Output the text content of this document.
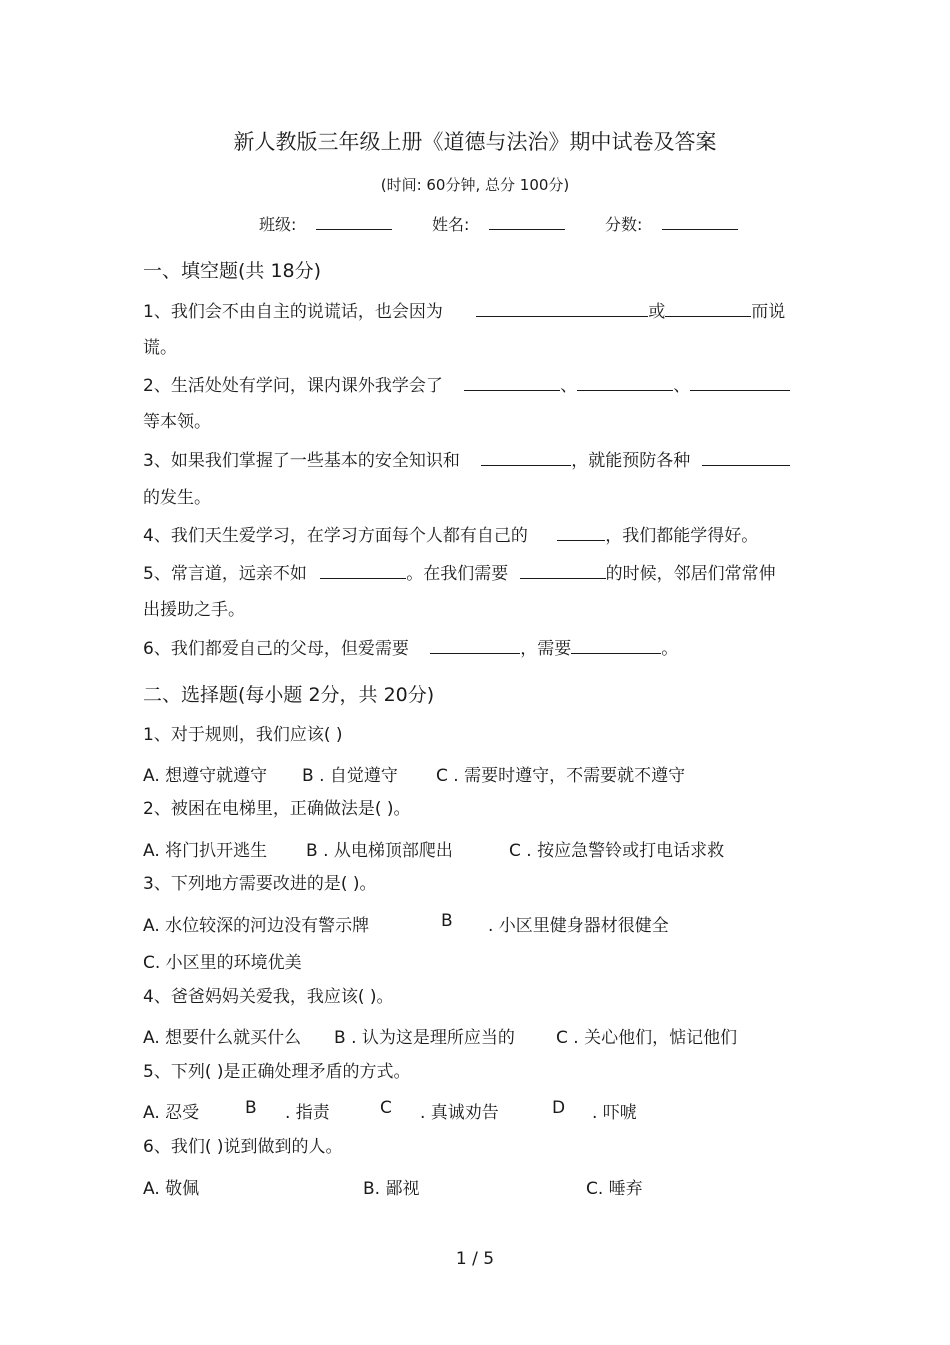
新人教版三年级上册《道德与法治》期中试卷及答案
(时间: 60分钟, 总分 100分)
班级:	姓名:	分数:
一、填空题(共 18分)
1、我们会不由自主的说谎话，也会因为	或	而说
谎。
2、生活处处有学问，课内课外我学会了	、	、
等本领。
3、如果我们掌握了一些基本的安全知识和	，就能预防各种
的发生。
4、我们天生爱学习，在学习方面每个人都有自己的	，我们都能学得好。
5、常言道，远亲不如	。在我们需要	的时候，邻居们常常伸
出援助之手。
6、我们都爱自己的父母，但爱需要	，需要	。
二、选择题(每小题 2分，共 20分)
1、对于规则，我们应该( )
A. 想遵守就遵守 B . 自觉遵守 C . 需要时遵守，不需要就不遵守
2、被困在电梯里，正确做法是( )。
A. 将门扒开逃生 B . 从电梯顶部爬出	C . 按应急警铃或打电话求救
3、下列地方需要改进的是( )。
A. 水位较深的河边没有警示牌	B . 小区里健身器材很健全
C. 小区里的环境优美
4、爸爸妈妈关爱我，我应该( )。
A. 想要什么就买什么 B . 认为这是理所应当的 C . 关心他们，惦记他们
5、下列( )是正确处理矛盾的方式。
A. 忍受	B . 指责	C . 真诚劝告	D . 吓唬
6、我们( )说到做到的人。
A. 敬佩	B. 鄙视	C. 唾弃
1 / 5
